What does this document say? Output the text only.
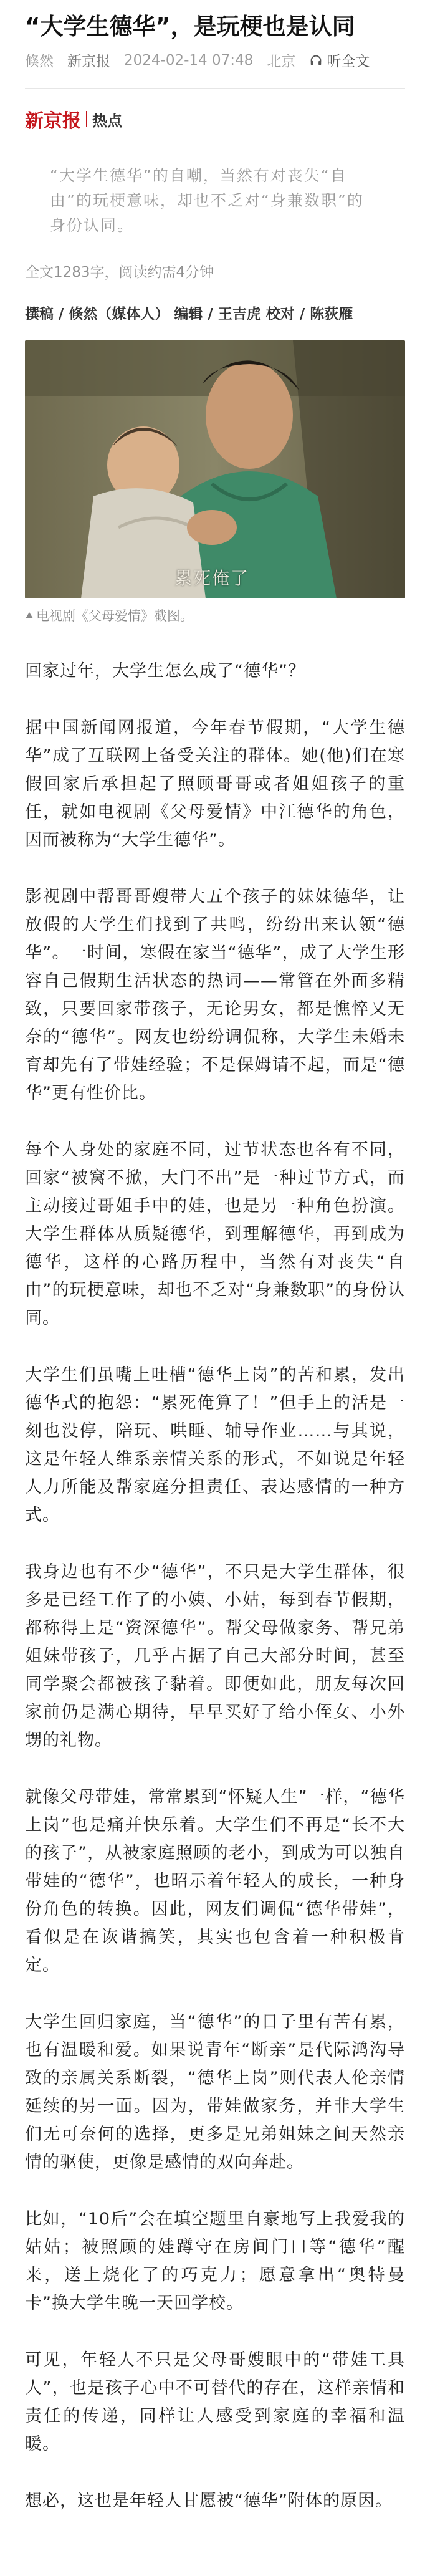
“大学生德华”，是玩梗也是认同
倏然 新京报 2024-02-14 07:48 北京 听全文
新京报 热点
“大学生德华”的自嘲，当然有对丧失“自由”的玩梗意味，却也不乏对“身兼数职”的身份认同。
全文1283字，阅读约需4分钟
撰稿 / 倏然（媒体人） 编辑 / 王吉虎 校对 / 陈荻雁
累死俺了
电视剧《父母爱情》截图。
回家过年，大学生怎么成了“德华”？
据中国新闻网报道，今年春节假期，“大学生德华”成了互联网上备受关注的群体。她(他)们在寒假回家后承担起了照顾哥哥或者姐姐孩子的重任，就如电视剧《父母爱情》中江德华的角色，因而被称为“大学生德华”。
影视剧中帮哥哥嫂带大五个孩子的妹妹德华，让放假的大学生们找到了共鸣，纷纷出来认领“德华”。一时间，寒假在家当“德华”，成了大学生形容自己假期生活状态的热词——常管在外面多精致，只要回家带孩子，无论男女，都是憔悴又无奈的“德华”。网友也纷纷调侃称，大学生未婚未育却先有了带娃经验；不是保姆请不起，而是“德华”更有性价比。
每个人身处的家庭不同，过节状态也各有不同，回家“被窝不掀，大门不出”是一种过节方式，而主动接过哥姐手中的娃，也是另一种角色扮演。大学生群体从质疑德华，到理解德华，再到成为德华，这样的心路历程中，当然有对丧失“自由”的玩梗意味，却也不乏对“身兼数职”的身份认同。
大学生们虽嘴上吐槽“德华上岗”的苦和累，发出德华式的抱怨：“累死俺算了！”但手上的活是一刻也没停，陪玩、哄睡、辅导作业……与其说，这是年轻人维系亲情关系的形式，不如说是年轻人力所能及帮家庭分担责任、表达感情的一种方式。
我身边也有不少“德华”，不只是大学生群体，很多是已经工作了的小姨、小姑，每到春节假期，都称得上是“资深德华”。帮父母做家务、帮兄弟姐妹带孩子，几乎占据了自己大部分时间，甚至同学聚会都被孩子黏着。即便如此，朋友每次回家前仍是满心期待，早早买好了给小侄女、小外甥的礼物。
就像父母带娃，常常累到“怀疑人生”一样，“德华上岗”也是痛并快乐着。大学生们不再是“长不大的孩子”，从被家庭照顾的老小，到成为可以独自带娃的“德华”，也昭示着年轻人的成长，一种身份角色的转换。因此，网友们调侃“德华带娃”，看似是在诙谐搞笑，其实也包含着一种积极肯定。
大学生回归家庭，当“德华”的日子里有苦有累，也有温暖和爱。如果说青年“断亲”是代际鸿沟导致的亲属关系断裂，“德华上岗”则代表人伦亲情延续的另一面。因为，带娃做家务，并非大学生们无可奈何的选择，更多是兄弟姐妹之间天然亲情的驱使，更像是感情的双向奔赴。
比如，“10后”会在填空题里自豪地写上我爱我的姑姑；被照顾的娃蹲守在房间门口等“德华”醒来，送上烧化了的巧克力；愿意拿出“奥特曼卡”换大学生晚一天回学校。
可见，年轻人不只是父母哥嫂眼中的“带娃工具人”，也是孩子心中不可替代的存在，这样亲情和责任的传递，同样让人感受到家庭的幸福和温暖。
想必，这也是年轻人甘愿被“德华”附体的原因。
